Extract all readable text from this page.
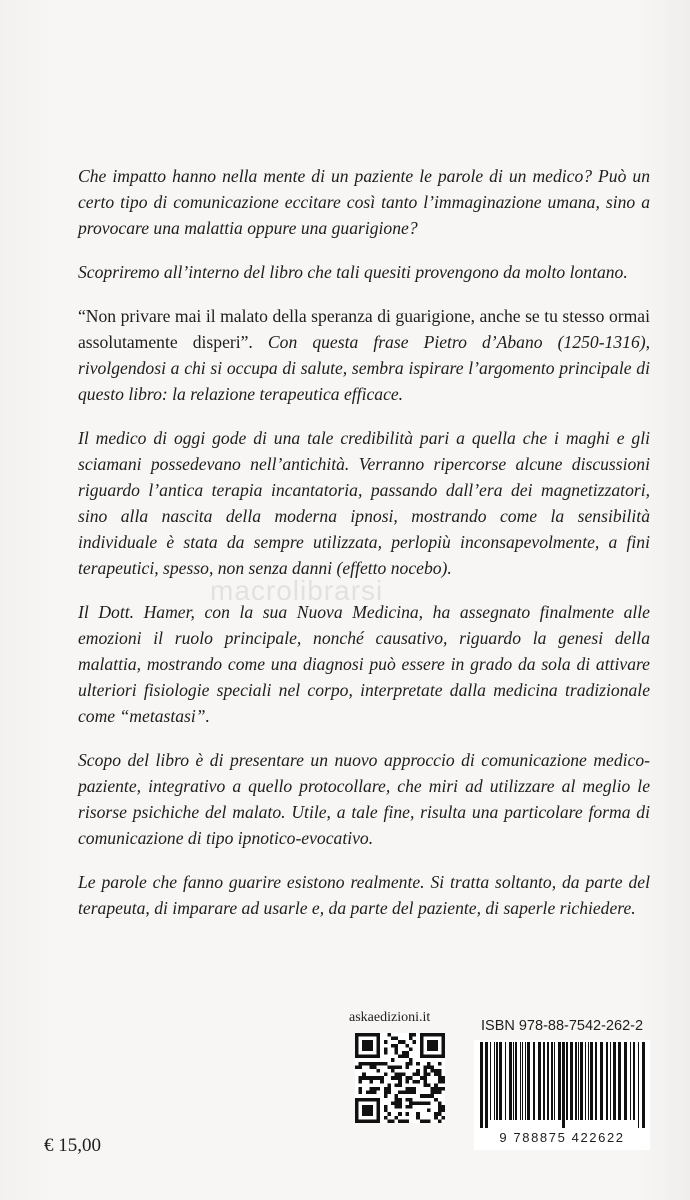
Che impatto hanno nella mente di un paziente le parole di un medico? Può un certo tipo di comunicazione eccitare così tanto l’immaginazione umana, sino a provocare una malattia oppure una guarigione?

Scopriremo all’interno del libro che tali quesiti provengono da molto lontano.

“Non privare mai il malato della speranza di guarigione, anche se tu stesso ormai assolutamente disperi”. Con questa frase Pietro d’Abano (1250-1316), rivolgendosi a chi si occupa di salute, sembra ispirare l’argomento principale di questo libro: la relazione terapeutica efficace.

Il medico di oggi gode di una tale credibilità pari a quella che i maghi e gli sciamani possedevano nell’antichità. Verranno ripercorse alcune discussioni riguardo l’antica terapia incantatoria, passando dall’era dei magnetizzatori, sino alla nascita della moderna ipnosi, mostrando come la sensibilità individuale è stata da sempre utilizzata, perlopiù inconsapevolmente, a fini terapeutici, spesso, non senza danni (effetto nocebo).

Il Dott. Hamer, con la sua Nuova Medicina, ha assegnato finalmente alle emozioni il ruolo principale, nonché causativo, riguardo la genesi della malattia, mostrando come una diagnosi può essere in grado da sola di attivare ulteriori fisiologie speciali nel corpo, interpretate dalla medicina tradizionale come “metastasi”.

Scopo del libro è di presentare un nuovo approccio di comunicazione medico-paziente, integrativo a quello protocollare, che miri ad utilizzare al meglio le risorse psichiche del malato. Utile, a tale fine, risulta una particolare forma di comunicazione di tipo ipnotico-evocativo.

Le parole che fanno guarire esistono realmente. Si tratta soltanto, da parte del terapeuta, di imparare ad usarle e, da parte del paziente, di saperle richiedere.

macrolibrarsi
askaedizioni.it
ISBN 978-88-7542-262-2
9 788875 422622
€ 15,00
